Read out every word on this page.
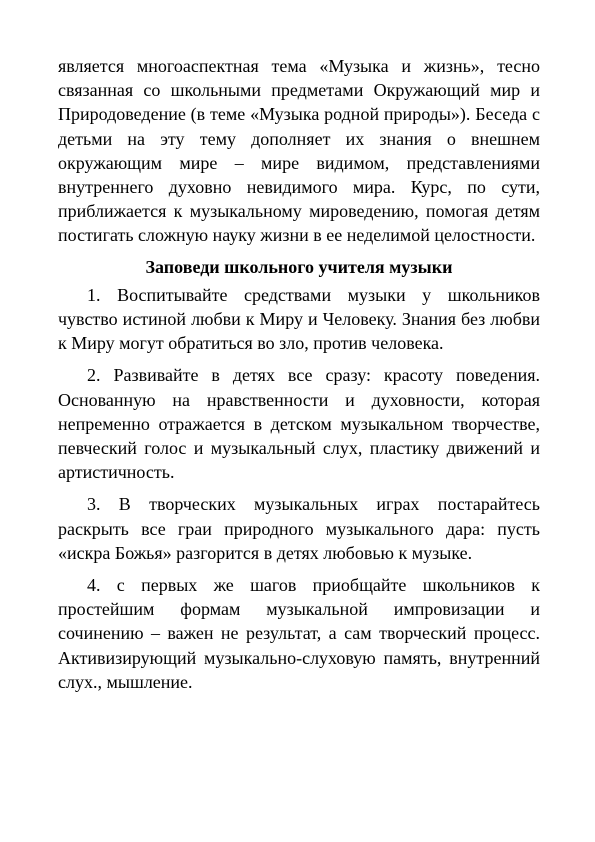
является многоаспектная тема «Музыка и жизнь», тесно связанная со школьными предметами Окружающий мир и Природоведение (в теме «Музыка родной природы»). Беседа с детьми на эту тему дополняет их знания о внешнем окружающим мире – мире видимом, представлениями внутреннего духовно невидимого мира. Курс, по сути, приближается к музыкальному мироведению, помогая детям постигать сложную науку жизни в ее неделимой целостности.

Заповеди школьного учителя музыки

1. Воспитывайте средствами музыки у школьников чувство истиной любви к Миру и Человеку. Знания без любви к Миру могут обратиться во зло, против человека.

2. Развивайте в детях все сразу: красоту поведения. Основанную на нравственности и духовности, которая непременно отражается в детском музыкальном творчестве, певческий голос и музыкальный слух, пластику движений и артистичность.

3. В творческих музыкальных играх постарайтесь раскрыть все граи природного музыкального дара: пусть «искра Божья» разгорится в детях любовью к музыке.

4. с первых же шагов приобщайте школьников к простейшим формам музыкальной импровизации и сочинению – важен не результат, а сам творческий процесс. Активизирующий музыкально-слуховую память, внутренний слух., мышление.
